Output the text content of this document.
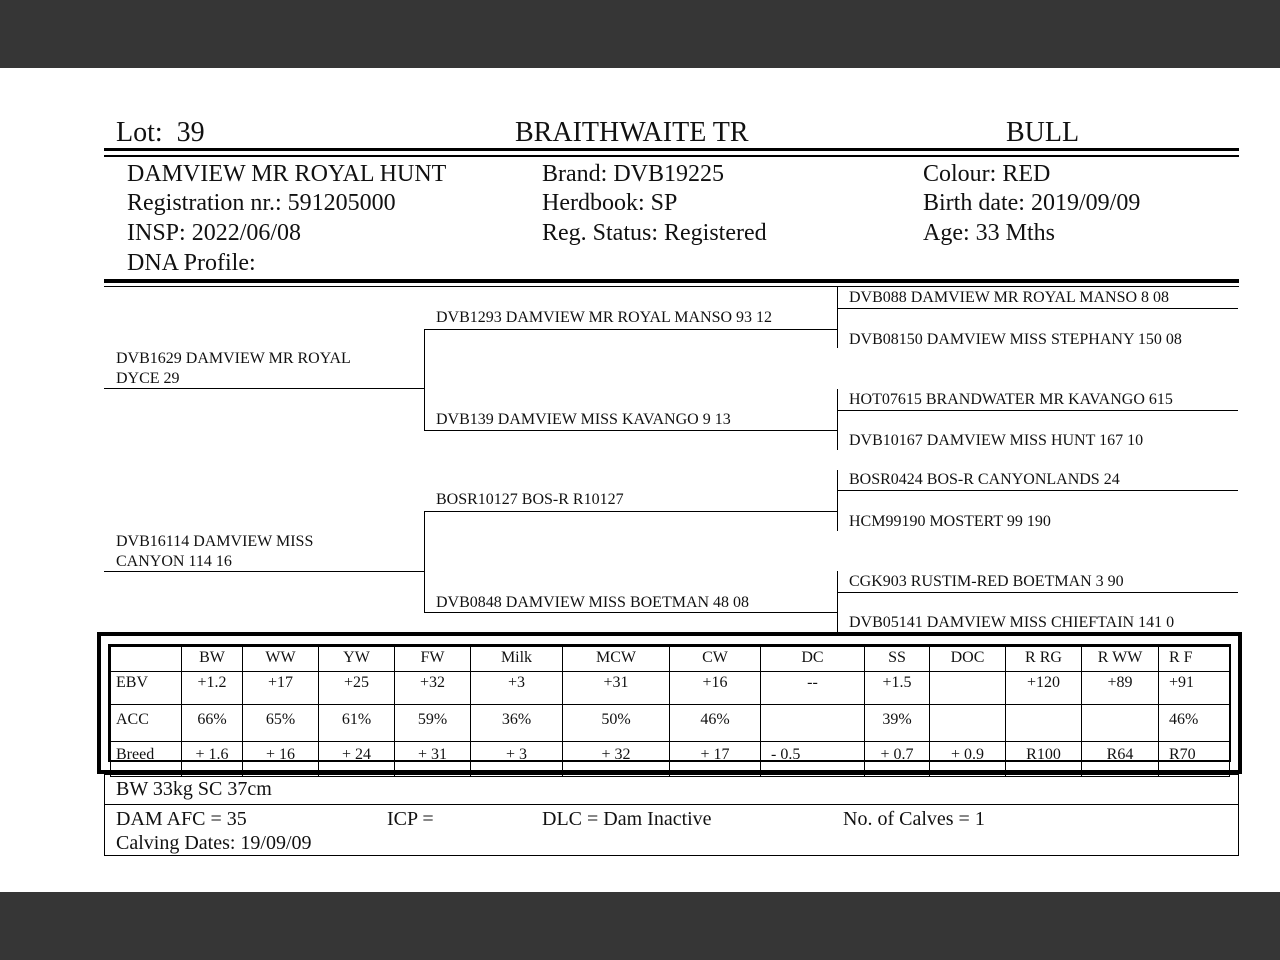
Lot: 39	BRAITHWAITE TR	BULL
DAMVIEW MR ROYAL HUNT
Registration nr.: 591205000
INSP: 2022/06/08
DNA Profile:
Brand: DVB19225
Herdbook: SP
Reg. Status: Registered
Colour: RED
Birth date: 2019/09/09
Age: 33 Mths
DVB1629 DAMVIEW MR ROYAL
DYCE 29
DVB16114 DAMVIEW MISS
CANYON 114 16
DVB1293 DAMVIEW MR ROYAL MANSO 93 12
DVB139 DAMVIEW MISS KAVANGO 9 13
BOSR10127 BOS-R R10127
DVB0848 DAMVIEW MISS BOETMAN 48 08
DVB088 DAMVIEW MR ROYAL MANSO 8 08
DVB08150 DAMVIEW MISS STEPHANY 150 08
HOT07615 BRANDWATER MR KAVANGO 615
DVB10167 DAMVIEW MISS HUNT 167 10
BOSR0424 BOS-R CANYONLANDS 24
HCM99190 MOSTERT 99 190
CGK903 RUSTIM-RED BOETMAN 3 90
DVB05141 DAMVIEW MISS CHIEFTAIN 141 0
	BW	WW	YW	FW	Milk	MCW	CW	DC	SS	DOC	R RG	R WW	R F
EBV	+1.2	+17	+25	+32	+3	+31	+16	--	+1.5		+120	+89	+91
ACC	66%	65%	61%	59%	36%	50%	46%		39%				46%
Breed	+ 1.6	+ 16	+ 24	+ 31	+ 3	+ 32	+ 17	- 0.5	+ 0.7	+ 0.9	R100	R64	R70
BW 33kg SC 37cm
DAM AFC = 35	ICP =	DLC = Dam Inactive	No. of Calves = 1
Calving Dates: 19/09/09
